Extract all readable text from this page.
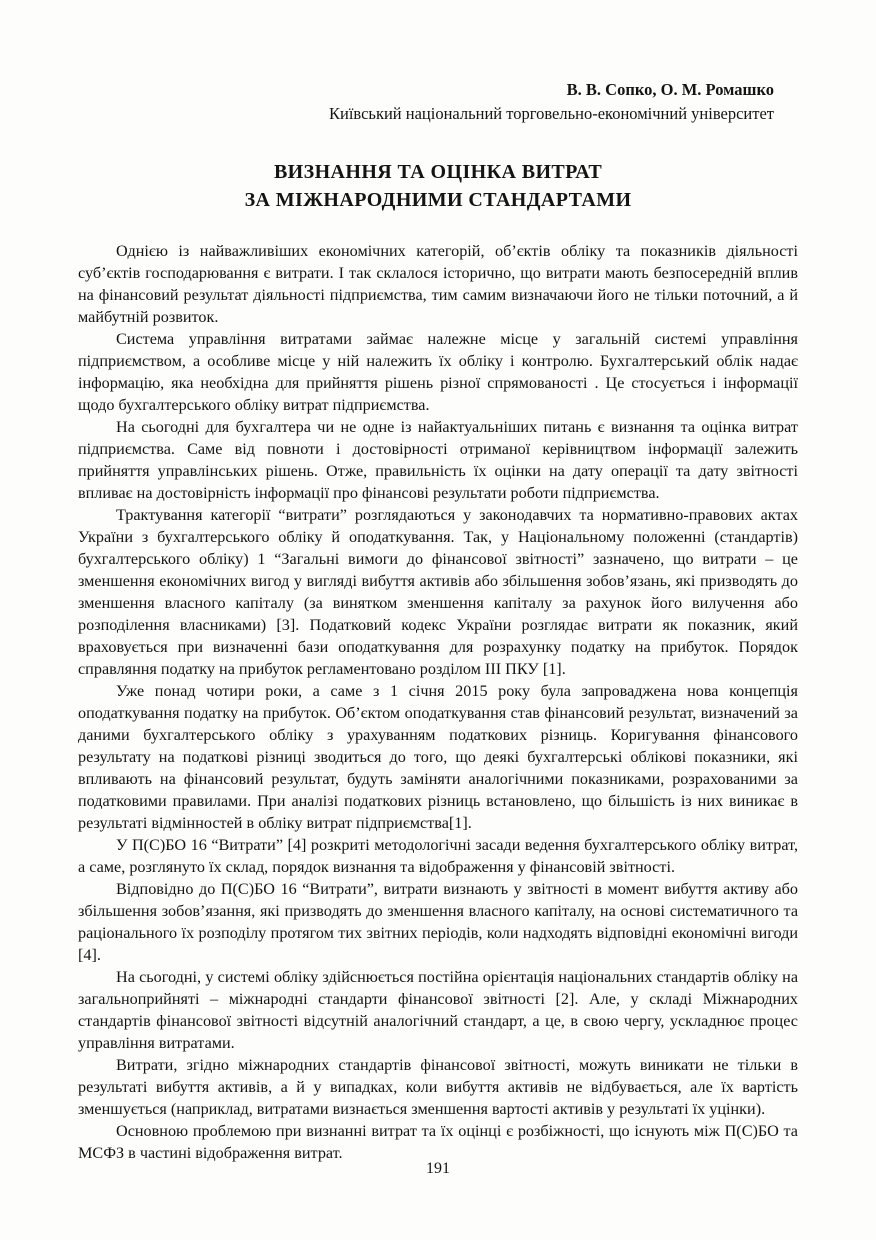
В. В. Сопко, О. М. Ромашко
Київський національний торговельно-економічний університет
ВИЗНАННЯ ТА ОЦІНКА ВИТРАТ
ЗА МІЖНАРОДНИМИ СТАНДАРТАМИ

Однією із найважливіших економічних категорій, об’єктів обліку та показників діяльності суб’єктів господарювання є витрати. І так склалося історично, що витрати мають безпосередній вплив на фінансовий результат діяльності підприємства, тим самим визначаючи його не тільки поточний, а й майбутній розвиток.

Система управління витратами займає належне місце у загальній системі управління підприємством, а особливе місце у ній належить їх обліку і контролю. Бухгалтерський облік надає інформацію, яка необхідна для прийняття рішень різної спрямованості . Це стосується і інформації щодо бухгалтерського обліку витрат підприємства.

На сьогодні для бухгалтера чи не одне із найактуальніших питань є визнання та оцінка витрат підприємства. Саме від повноти і достовірності отриманої керівництвом інформації залежить прийняття управлінських рішень. Отже, правильність їх оцінки на дату операції та дату звітності впливає на достовірність інформації про фінансові результати роботи підприємства.

Трактування категорії “витрати” розглядаються у законодавчих та нормативно-правових актах України з бухгалтерського обліку й оподаткування. Так, у Національному положенні (стандартів) бухгалтерського обліку) 1 “Загальні вимоги до фінансової звітності” зазначено, що витрати – це зменшення економічних вигод у вигляді вибуття активів або збільшення зобов’язань, які призводять до зменшення власного капіталу (за винятком зменшення капіталу за рахунок його вилучення або розподілення власниками) [3]. Податковий кодекс України розглядає витрати як показник, який враховується при визначенні бази оподаткування для розрахунку податку на прибуток. Порядок справляння податку на прибуток регламентовано розділом ІІІ ПКУ [1].

Уже понад чотири роки, а саме з 1 січня 2015 року була запроваджена нова концепція оподаткування податку на прибуток. Об’єктом оподаткування став фінансовий результат, визначений за даними бухгалтерського обліку з урахуванням податкових різниць. Коригування фінансового результату на податкові різниці зводиться до того, що деякі бухгалтерські облікові показники, які впливають на фінансовий результат, будуть заміняти аналогічними показниками, розрахованими за податковими правилами. При аналізі податкових різниць встановлено, що більшість із них виникає в результаті відмінностей в обліку витрат підприємства[1].

У П(С)БО 16 “Витрати” [4] розкриті методологічні засади ведення бухгалтерського обліку витрат, а саме, розглянуто їх склад, порядок визнання та відображення у фінансовій звітності.

Відповідно до П(С)БО 16 “Витрати”, витрати визнають у звітності в момент вибуття активу або збільшення зобов’язання, які призводять до зменшення власного капіталу, на основі систематичного та раціонального їх розподілу протягом тих звітних періодів, коли надходять відповідні економічні вигоди [4].

На сьогодні, у системі обліку здійснюється постійна орієнтація національних стандартів обліку на загальноприйняті – міжнародні стандарти фінансової звітності [2]. Але, у складі Міжнародних стандартів фінансової звітності відсутній аналогічний стандарт, а це, в свою чергу, ускладнює процес управління витратами.

Витрати, згідно міжнародних стандартів фінансової звітності, можуть виникати не тільки в результаті вибуття активів, а й у випадках, коли вибуття активів не відбувається, але їх вартість зменшується (наприклад, витратами визнається зменшення вартості активів у результаті їх уцінки).

Основною проблемою при визнанні витрат та їх оцінці є розбіжності, що існують між П(С)БО та МСФЗ в частині відображення витрат.

191
